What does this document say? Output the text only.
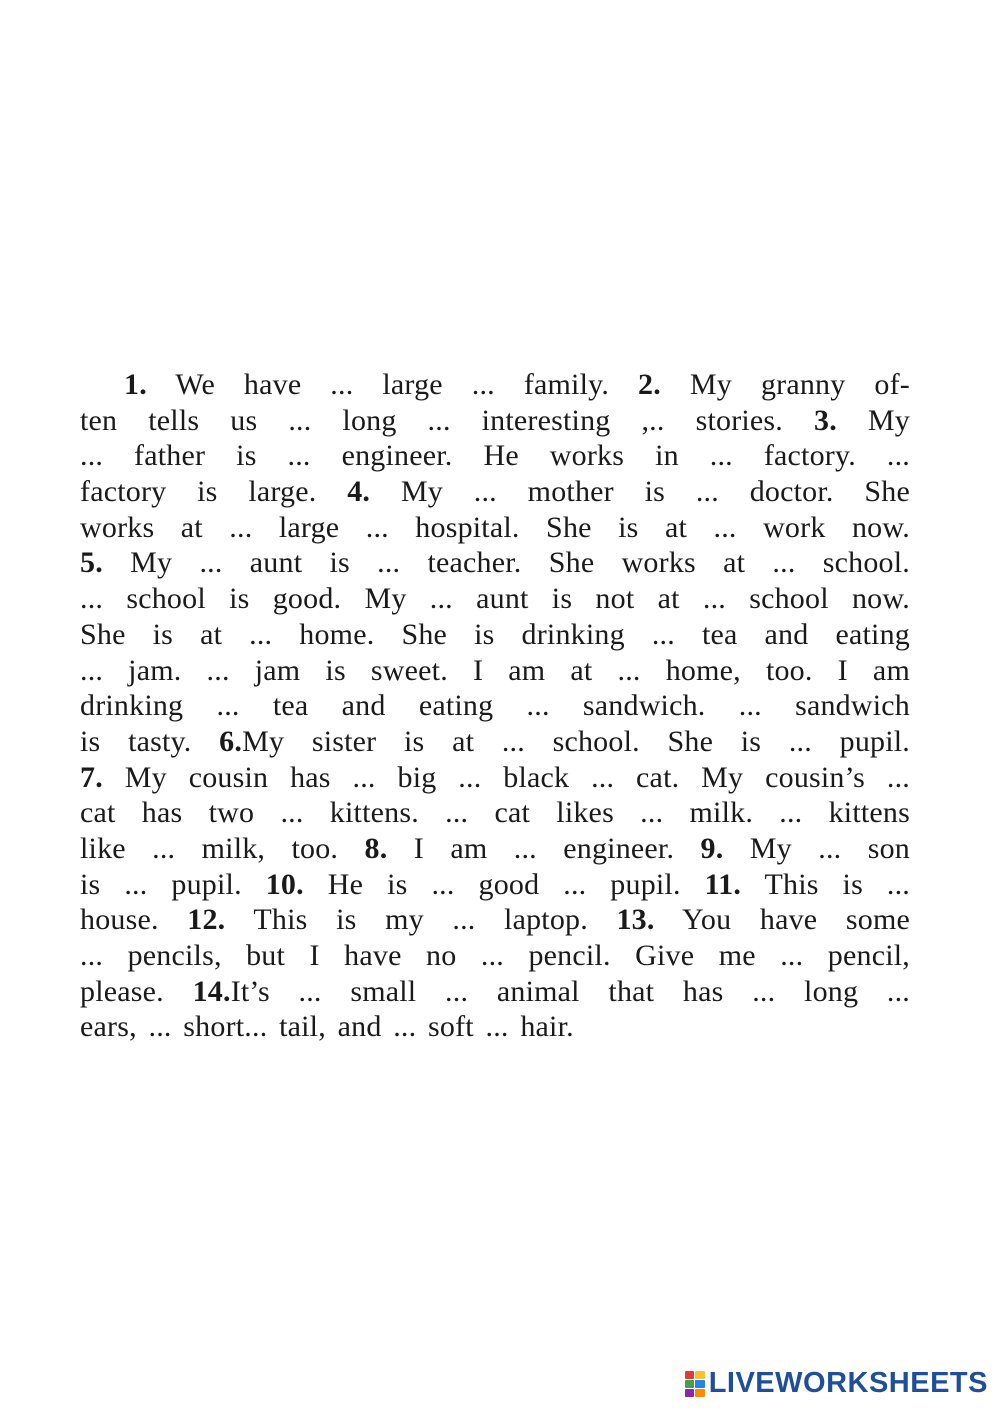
1. We have ... large ... family. 2. My granny of-
ten tells us ... long ... interesting ,.. stories. 3. My
... father is ... engineer. He works in ... factory. ...
factory is large. 4. My ... mother is ... doctor. She
works at ... large ... hospital. She is at ... work now.
5. My ... aunt is ... teacher. She works at ... school.
... school is good. My ... aunt is not at ... school now.
She is at ... home. She is drinking ... tea and eating
... jam. ... jam is sweet. I am at ... home, too. I am
drinking ... tea and eating ... sandwich. ... sandwich
is tasty. 6.My sister is at ... school. She is ... pupil.
7. My cousin has ... big ... black ... cat. My cousin’s ...
cat has two ... kittens. ... cat likes ... milk. ... kittens
like ... milk, too. 8. I am ... engineer. 9. My ... son
is ... pupil. 10. He is ... good ... pupil. 11. This is ...
house. 12. This is my ... laptop. 13. You have some
... pencils, but I have no ... pencil. Give me ... pencil,
please. 14.It’s ... small ... animal that has ... long ...
ears, ... short... tail, and ... soft ... hair.
LIVEWORKSHEETS
